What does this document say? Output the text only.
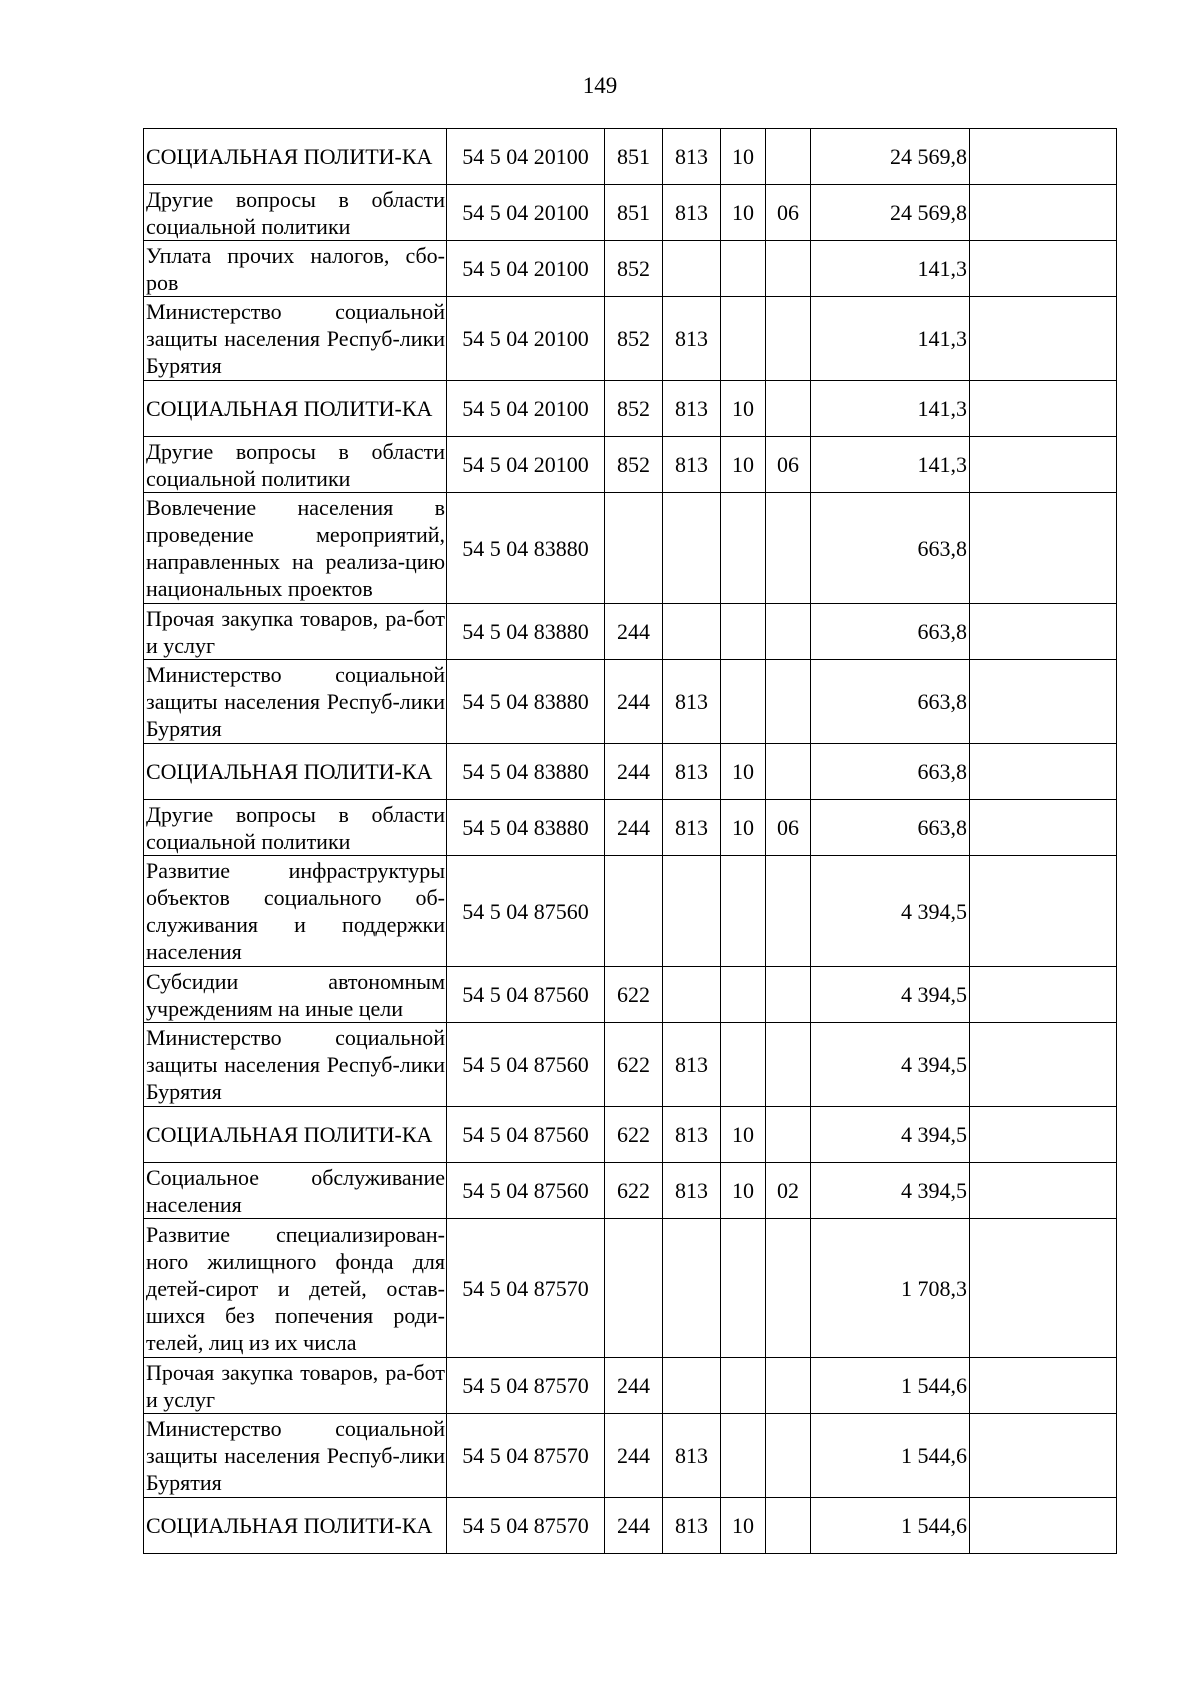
149
СОЦИАЛЬНАЯ ПОЛИТИ-КА	54 5 04 20100	851	813	10		24 569,8	
Другие вопросы в области социальной политики	54 5 04 20100	851	813	10	06	24 569,8	
Уплата прочих налогов, сбо-ров	54 5 04 20100	852				141,3	
Министерство социальной защиты населения Респуб-лики Бурятия	54 5 04 20100	852	813			141,3	
СОЦИАЛЬНАЯ ПОЛИТИ-КА	54 5 04 20100	852	813	10		141,3	
Другие вопросы в области социальной политики	54 5 04 20100	852	813	10	06	141,3	
Вовлечение населения в проведение мероприятий, направленных на реализа-цию национальных проектов	54 5 04 83880					663,8	
Прочая закупка товаров, ра-бот и услуг	54 5 04 83880	244				663,8	
Министерство социальной защиты населения Респуб-лики Бурятия	54 5 04 83880	244	813			663,8	
СОЦИАЛЬНАЯ ПОЛИТИ-КА	54 5 04 83880	244	813	10		663,8	
Другие вопросы в области социальной политики	54 5 04 83880	244	813	10	06	663,8	
Развитие инфраструктуры объектов социального об-служивания и поддержки населения	54 5 04 87560					4 394,5	
Субсидии автономным учреждениям на иные цели	54 5 04 87560	622				4 394,5	
Министерство социальной защиты населения Респуб-лики Бурятия	54 5 04 87560	622	813			4 394,5	
СОЦИАЛЬНАЯ ПОЛИТИ-КА	54 5 04 87560	622	813	10		4 394,5	
Социальное обслуживание населения	54 5 04 87560	622	813	10	02	4 394,5	
Развитие специализирован-ного жилищного фонда для детей-сирот и детей, остав-шихся без попечения роди-телей, лиц из их числа	54 5 04 87570					1 708,3	
Прочая закупка товаров, ра-бот и услуг	54 5 04 87570	244				1 544,6	
Министерство социальной защиты населения Респуб-лики Бурятия	54 5 04 87570	244	813			1 544,6	
СОЦИАЛЬНАЯ ПОЛИТИ-КА	54 5 04 87570	244	813	10		1 544,6	
